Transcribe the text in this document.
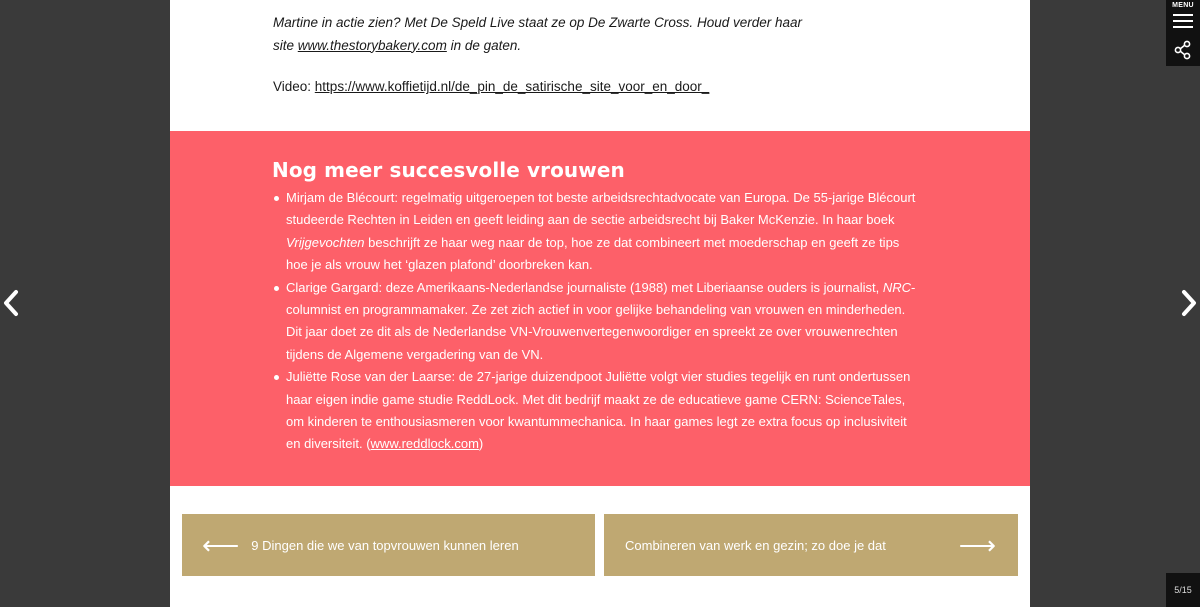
Martine in actie zien? Met De Speld Live staat ze op De Zwarte Cross. Houd verder haar
site www.thestorybakery.com in de gaten.

Video: https://www.koffietijd.nl/de_pin_de_satirische_site_voor_en_door_
Nog meer succesvolle vrouwen
Mirjam de Blécourt: regelmatig uitgeroepen tot beste arbeidsrechtadvocate van Europa. De 55-jarige Blécourt studeerde Rechten in Leiden en geeft leiding aan de sectie arbeidsrecht bij Baker McKenzie. In haar boek Vrijgevochten beschrijft ze haar weg naar de top, hoe ze dat combineert met moederschap en geeft ze tips hoe je als vrouw het ‘glazen plafond’ doorbreken kan.
Clarige Gargard: deze Amerikaans-Nederlandse journaliste (1988) met Liberiaanse ouders is journalist, NRC-columnist en programmamaker. Ze zet zich actief in voor gelijke behandeling van vrouwen en minderheden. Dit jaar doet ze dit als de Nederlandse VN-Vrouwenvertegenwoordiger en spreekt ze over vrouwenrechten tijdens de Algemene vergadering van de VN.
Juliëtte Rose van der Laarse: de 27-jarige duizendpoot Juliëtte volgt vier studies tegelijk en runt ondertussen haar eigen indie game studie ReddLock. Met dit bedrijf maakt ze de educatieve game CERN: ScienceTales, om kinderen te enthousiasmeren voor kwantummechanica. In haar games legt ze extra focus op inclusiviteit en diversiteit. (www.reddlock.com)
⟵ 9 Dingen die we van topvrouwen kunnen leren	Combineren van werk en gezin; zo doe je dat	⟶
MENU
5/15
